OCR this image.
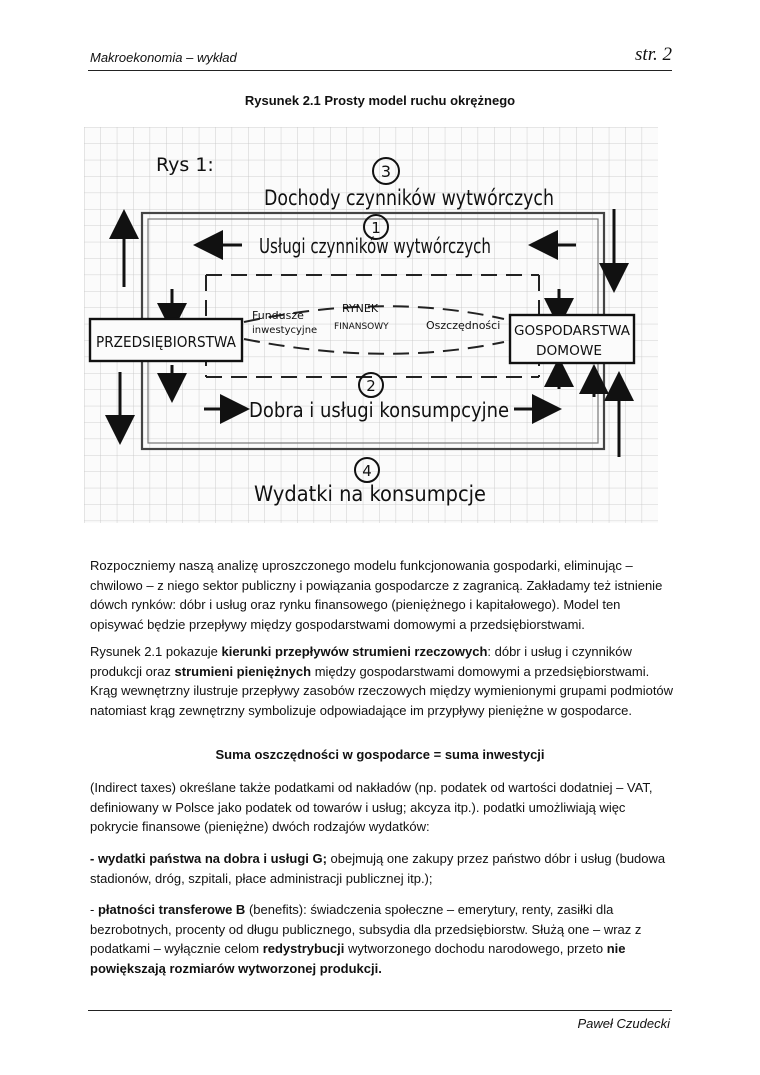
Makroekonomia – wykład	str. 2
Rysunek 2.1 Prosty model ruchu okrężnego
Rys 1:	3
1
2
4
Dochody czynników wytwórczych
Usługi czynników wytwórczych
Dobra i usługi konsumpcyjne
Wydatki na konsumpcje
PRZEDSIĘBIORSTWA
GOSPODARSTWA
DOMOWE
Fundusze
inwestycyjne
RYNEK
FINANSOWY	Oszczędności

Rozpoczniemy naszą analizę uproszczonego modelu funkcjonowania gospodarki, eliminując – chwilowo – z niego sektor publiczny i powiązania gospodarcze z zagranicą. Zakładamy też istnienie dówch rynków: dóbr i usług oraz rynku finansowego (pieniężnego i kapitałowego). Model ten opisywać będzie przepływy między gospodarstwami domowymi a przedsiębiorstwami.

Rysunek 2.1 pokazuje kierunki przepływów strumieni rzeczowych: dóbr i usług i czynników produkcji oraz strumieni pieniężnych między gospodarstwami domowymi a przedsiębiorstwami. Krąg wewnętrzny ilustruje przepływy zasobów rzeczowych między wymienionymi grupami podmiotów natomiast krąg zewnętrzny symbolizuje odpowiadające im przypływy pieniężne w gospodarce.

Suma oszczędności w gospodarce = suma inwestycji

(Indirect taxes) określane także podatkami od nakładów (np. podatek od wartości dodatniej – VAT, definiowany w Polsce jako podatek od towarów i usług; akcyza itp.). podatki umożliwiają więc pokrycie finansowe (pieniężne) dwóch rodzajów wydatków:

- wydatki państwa na dobra i usługi G; obejmują one zakupy przez państwo dóbr i usług (budowa stadionów, dróg, szpitali, płace administracji publicznej itp.);

- płatności transferowe B (benefits): świadczenia społeczne – emerytury, renty, zasiłki dla bezrobotnych, procenty od długu publicznego, subsydia dla przedsiębiorstw. Służą one – wraz z podatkami – wyłącznie celom redystrybucji wytworzonego dochodu narodowego, przeto nie powiększają rozmiarów wytworzonej produkcji.

Paweł Czudecki
